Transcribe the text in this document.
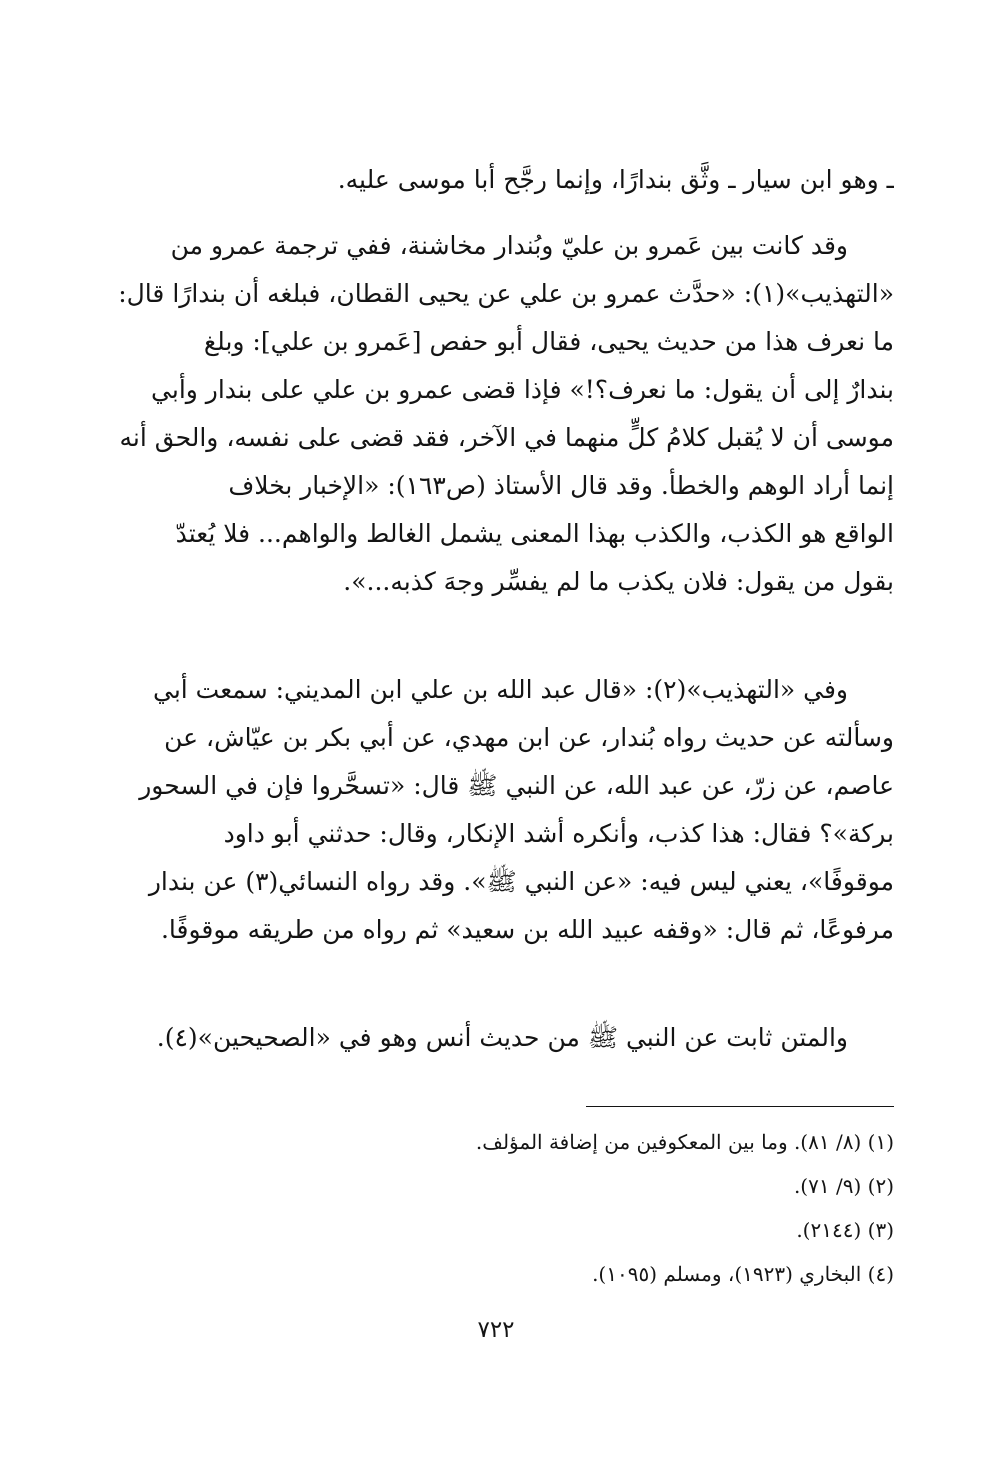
ـ وهو ابن سيار ـ وثَّق بندارًا، وإنما رجَّح أبا موسى عليه.
وقد كانت بين عَمرو بن عليّ وبُندار مخاشنة، ففي ترجمة عمرو من
«التهذيب»(١): «حدَّث عمرو بن علي عن يحيى القطان، فبلغه أن بندارًا قال:
ما نعرف هذا من حديث يحيى، فقال أبو حفص [عَمرو بن علي]: وبلغ
بندارٌ إلى أن يقول: ما نعرف؟!» فإذا قضى عمرو بن علي على بندار وأبي
موسى أن لا يُقبل كلامُ كلٍّ منهما في الآخر، فقد قضى على نفسه، والحق أنه
إنما أراد الوهم والخطأ. وقد قال الأستاذ (ص١٦٣): «الإخبار بخلاف
الواقع هو الكذب، والكذب بهذا المعنى يشمل الغالط والواهم... فلا يُعتدّ
بقول من يقول: فلان يكذب ما لم يفسِّر وجهَ كذبه...».
وفي «التهذيب»(٢): «قال عبد الله بن علي ابن المديني: سمعت أبي
وسألته عن حديث رواه بُندار، عن ابن مهدي، عن أبي بكر بن عيّاش، عن
عاصم، عن زرّ، عن عبد الله، عن النبي ﷺ قال: «تسحَّروا فإن في السحور
بركة»؟ فقال: هذا كذب، وأنكره أشد الإنكار، وقال: حدثني أبو داود
موقوفًا»، يعني ليس فيه: «عن النبي ﷺ». وقد رواه النسائي(٣) عن بندار
مرفوعًا، ثم قال: «وقفه عبيد الله بن سعيد» ثم رواه من طريقه موقوفًا.
والمتن ثابت عن النبي ﷺ من حديث أنس وهو في «الصحيحين»(٤).
(١) (٨/ ٨١). وما بين المعكوفين من إضافة المؤلف.
(٢) (٩/ ٧١).
(٣) (٢١٤٤).
(٤) البخاري (١٩٢٣)، ومسلم (١٠٩٥).
٧٢٢
